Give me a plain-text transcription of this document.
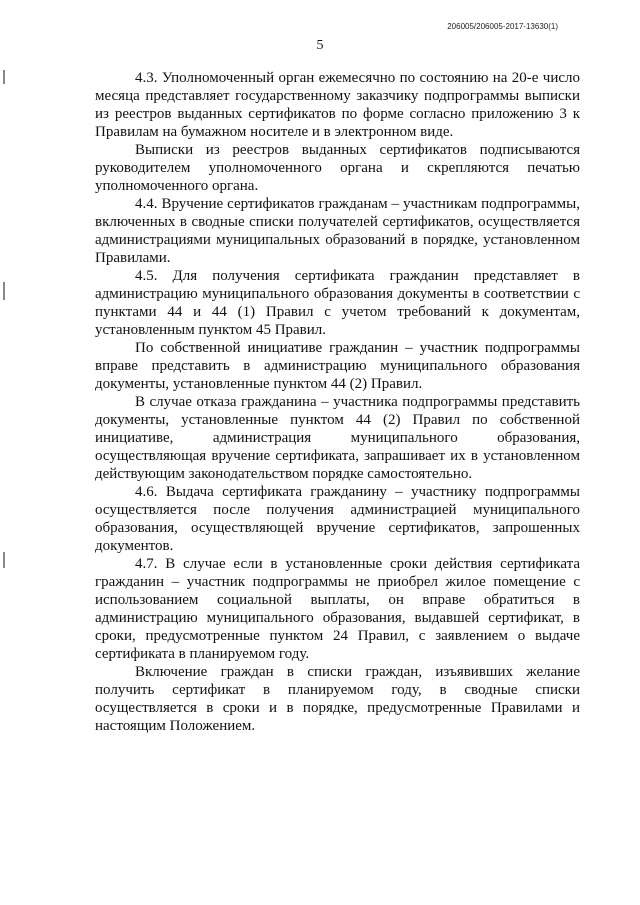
206005/206005-2017-13630(1)
5

4.3. Уполномоченный орган ежемесячно по состоянию на 20-е число месяца представляет государственному заказчику подпрограммы выписки из реестров выданных сертификатов по форме согласно приложению 3 к Правилам на бумажном носителе и в электронном виде.

Выписки из реестров выданных сертификатов подписываются руководителем уполномоченного органа и скрепляются печатью уполномоченного органа.

4.4. Вручение сертификатов гражданам – участникам подпрограммы, включенных в сводные списки получателей сертификатов, осуществляется администрациями муниципальных образований в порядке, установленном Правилами.

4.5. Для получения сертификата гражданин представляет в администрацию муниципального образования документы в соответствии с пунктами 44 и 44 (1) Правил с учетом требований к документам, установленным пунктом 45 Правил.

По собственной инициативе гражданин – участник подпрограммы вправе представить в администрацию муниципального образования документы, установленные пунктом 44 (2) Правил.

В случае отказа гражданина – участника подпрограммы представить документы, установленные пунктом 44 (2) Правил по собственной инициативе, администрация муниципального образования, осуществляющая вручение сертификата, запрашивает их в установленном действующим законодательством порядке самостоятельно.

4.6. Выдача сертификата гражданину – участнику подпрограммы осуществляется после получения администрацией муниципального образования, осуществляющей вручение сертификатов, запрошенных документов.

4.7. В случае если в установленные сроки действия сертификата гражданин – участник подпрограммы не приобрел жилое помещение с использованием социальной выплаты, он вправе обратиться в администрацию муниципального образования, выдавшей сертификат, в сроки, предусмотренные пунктом 24 Правил, с заявлением о выдаче сертификата в планируемом году.

Включение граждан в списки граждан, изъявивших желание получить сертификат в планируемом году, в сводные списки осуществляется в сроки и в порядке, предусмотренные Правилами и настоящим Положением.
